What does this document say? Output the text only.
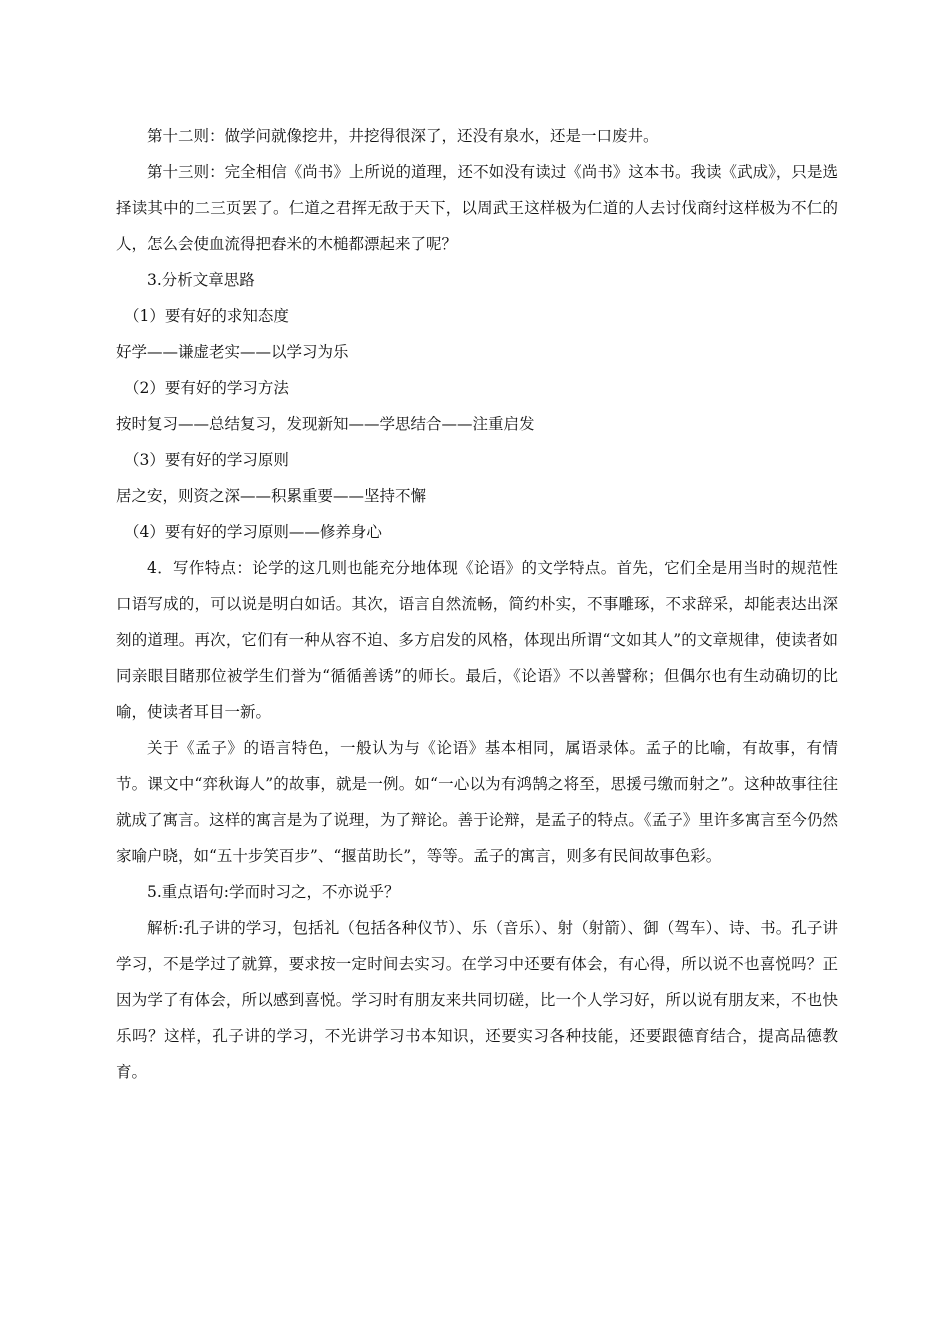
第十二则：做学问就像挖井，井挖得很深了，还没有泉水，还是一口废井。

第十三则：完全相信《尚书》上所说的道理，还不如没有读过《尚书》这本书。我读《武成》，只是选择读其中的二三页罢了。仁道之君挥无敌于天下，以周武王这样极为仁道的人去讨伐商纣这样极为不仁的人，怎么会使血流得把舂米的木槌都漂起来了呢？

3.分析文章思路

（1）要有好的求知态度

好学——谦虚老实——以学习为乐

（2）要有好的学习方法

按时复习——总结复习，发现新知——学思结合——注重启发

（3）要有好的学习原则

居之安，则资之深——积累重要——坚持不懈

（4）要有好的学习原则——修养身心

4．写作特点：论学的这几则也能充分地体现《论语》的文学特点。首先，它们全是用当时的规范性口语写成的，可以说是明白如话。其次，语言自然流畅，简约朴实，不事雕琢，不求辞采，却能表达出深刻的道理。再次，它们有一种从容不迫、多方启发的风格，体现出所谓“文如其人”的文章规律，使读者如同亲眼目睹那位被学生们誉为“循循善诱”的师长。最后，《论语》不以善譬称；但偶尔也有生动确切的比喻，使读者耳目一新。

关于《孟子》的语言特色，一般认为与《论语》基本相同，属语录体。孟子的比喻，有故事，有情节。课文中“弈秋诲人”的故事，就是一例。如“一心以为有鸿鹄之将至，思援弓缴而射之”。这种故事往往就成了寓言。这样的寓言是为了说理，为了辩论。善于论辩，是孟子的特点。《孟子》里许多寓言至今仍然家喻户晓，如“五十步笑百步”、“揠苗助长”，等等。孟子的寓言，则多有民间故事色彩。

5.重点语句:学而时习之，不亦说乎？

解析:孔子讲的学习，包括礼（包括各种仪节）、乐（音乐）、射（射箭）、御（驾车）、诗、书。孔子讲学习，不是学过了就算，要求按一定时间去实习。在学习中还要有体会，有心得，所以说不也喜悦吗？正因为学了有体会，所以感到喜悦。学习时有朋友来共同切磋，比一个人学习好，所以说有朋友来，不也快乐吗？这样，孔子讲的学习，不光讲学习书本知识，还要实习各种技能，还要跟德育结合，提高品德教育。
